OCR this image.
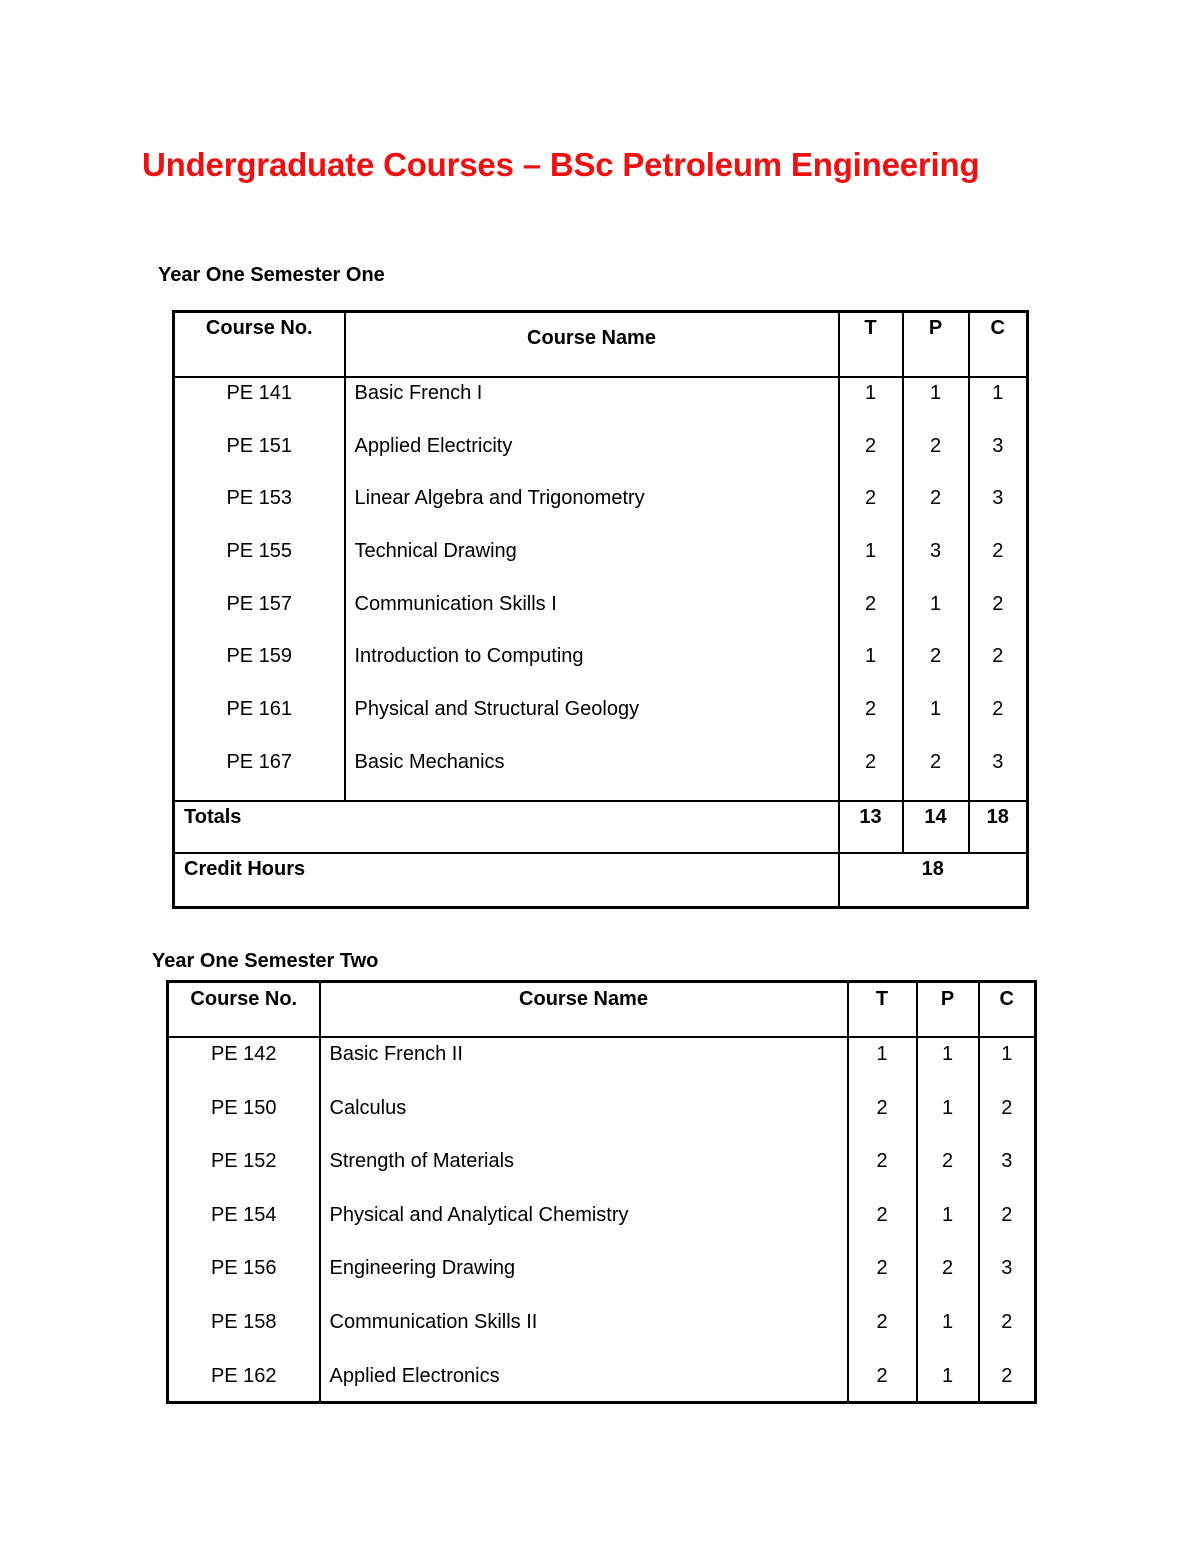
Undergraduate Courses – BSc Petroleum Engineering
Year One Semester One
Course No.	Course Name	T	P	C
PE 141	Basic French I	1	1	1
PE 151	Applied Electricity	2	2	3
PE 153	Linear Algebra and Trigonometry	2	2	3
PE 155	Technical Drawing	1	3	2
PE 157	Communication Skills I	2	1	2
PE 159	Introduction to Computing	1	2	2
PE 161	Physical and Structural Geology	2	1	2
PE 167	Basic Mechanics	2	2	3
Totals		13	14	18
Credit Hours		18		
Year One Semester Two
Course No.	Course Name	T	P	C
PE 142	Basic French II	1	1	1
PE 150	Calculus	2	1	2
PE 152	Strength of Materials	2	2	3
PE 154	Physical and Analytical Chemistry	2	1	2
PE 156	Engineering Drawing	2	2	3
PE 158	Communication Skills II	2	1	2
PE 162	Applied Electronics	2	1	2
